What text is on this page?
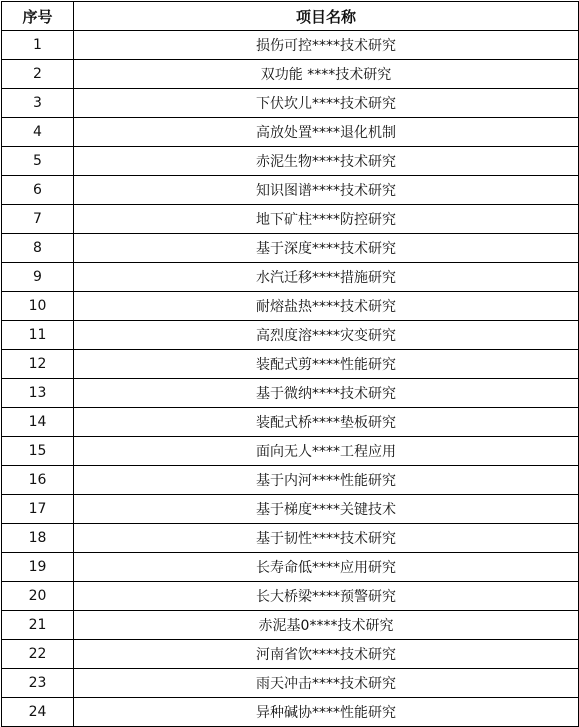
序号	项目名称
1	损伤可控****技术研究
2	双功能 ****技术研究
3	下伏坎儿****技术研究
4	高放处置****退化机制
5	赤泥生物****技术研究
6	知识图谱****技术研究
7	地下矿柱****防控研究
8	基于深度****技术研究
9	水汽迁移****措施研究
10	耐熔盐热****技术研究
11	高烈度溶****灾变研究
12	装配式剪****性能研究
13	基于微纳****技术研究
14	装配式桥****垫板研究
15	面向无人****工程应用
16	基于内河****性能研究
17	基于梯度****关键技术
18	基于韧性****技术研究
19	长寿命低****应用研究
20	长大桥梁****预警研究
21	赤泥基0****技术研究
22	河南省饮****技术研究
23	雨天冲击****技术研究
24	异种碱协****性能研究
